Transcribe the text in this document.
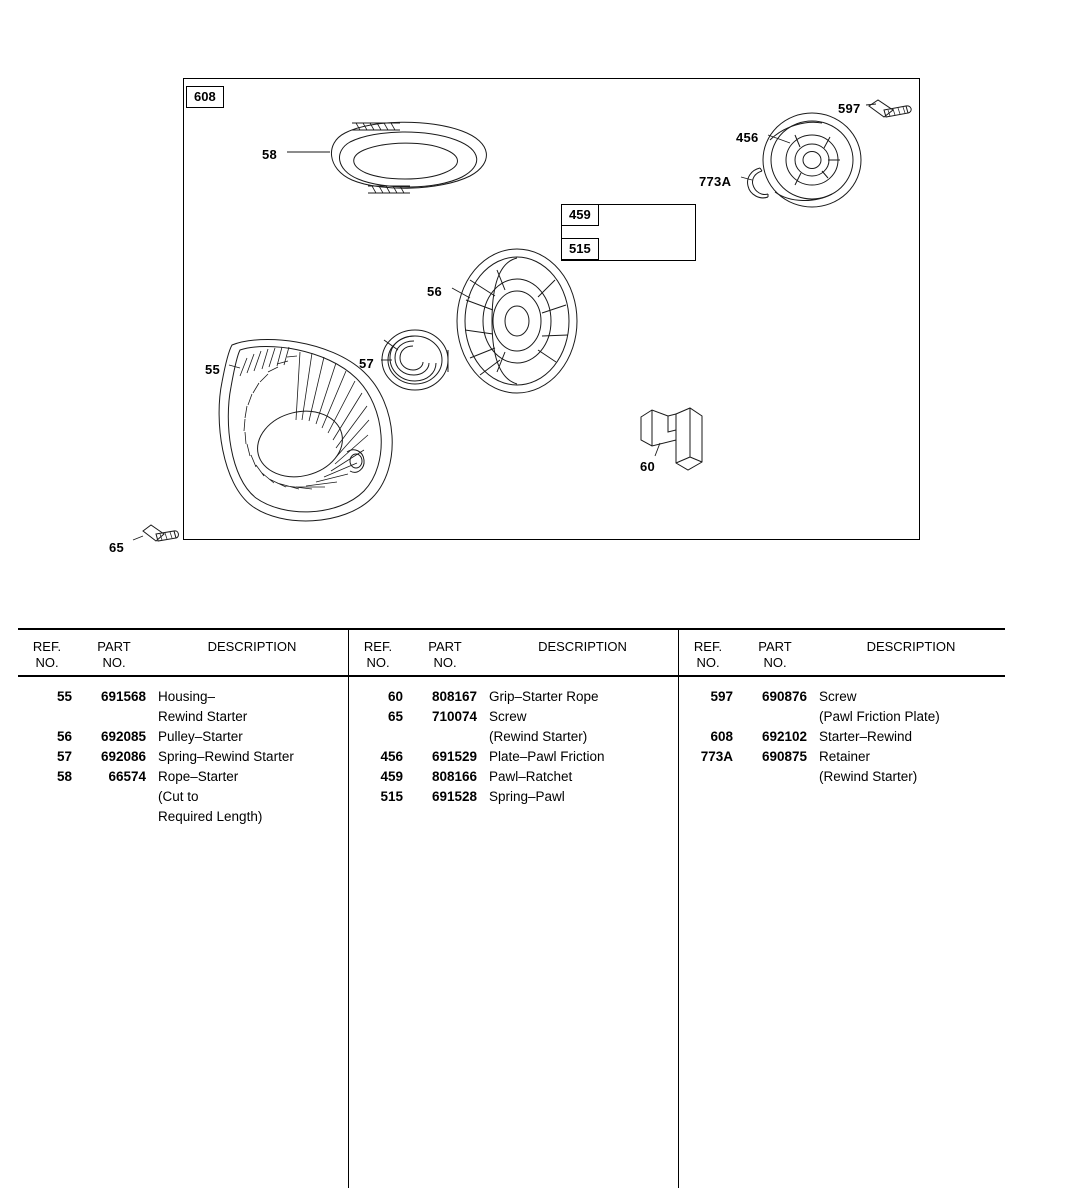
608
459
515
58
597
456
773A
56
55	57
60
65
REF.
NO.
PART
NO.
DESCRIPTION
55	691568 Housing–
Rewind Starter
56	692085 Pulley–Starter
57	692086 Spring–Rewind Starter
58	66574 Rope–Starter
(Cut to
Required Length)
REF.
NO.
PART
NO.
DESCRIPTION
60	808167 Grip–Starter Rope
65	710074 Screw
(Rewind Starter)
456	691529 Plate–Pawl Friction
459	808166 Pawl–Ratchet
515	691528 Spring–Pawl
REF.
NO.
PART
NO.
DESCRIPTION
597	690876 Screw
(Pawl Friction Plate)
608	692102 Starter–Rewind
773A	690875 Retainer
(Rewind Starter)
